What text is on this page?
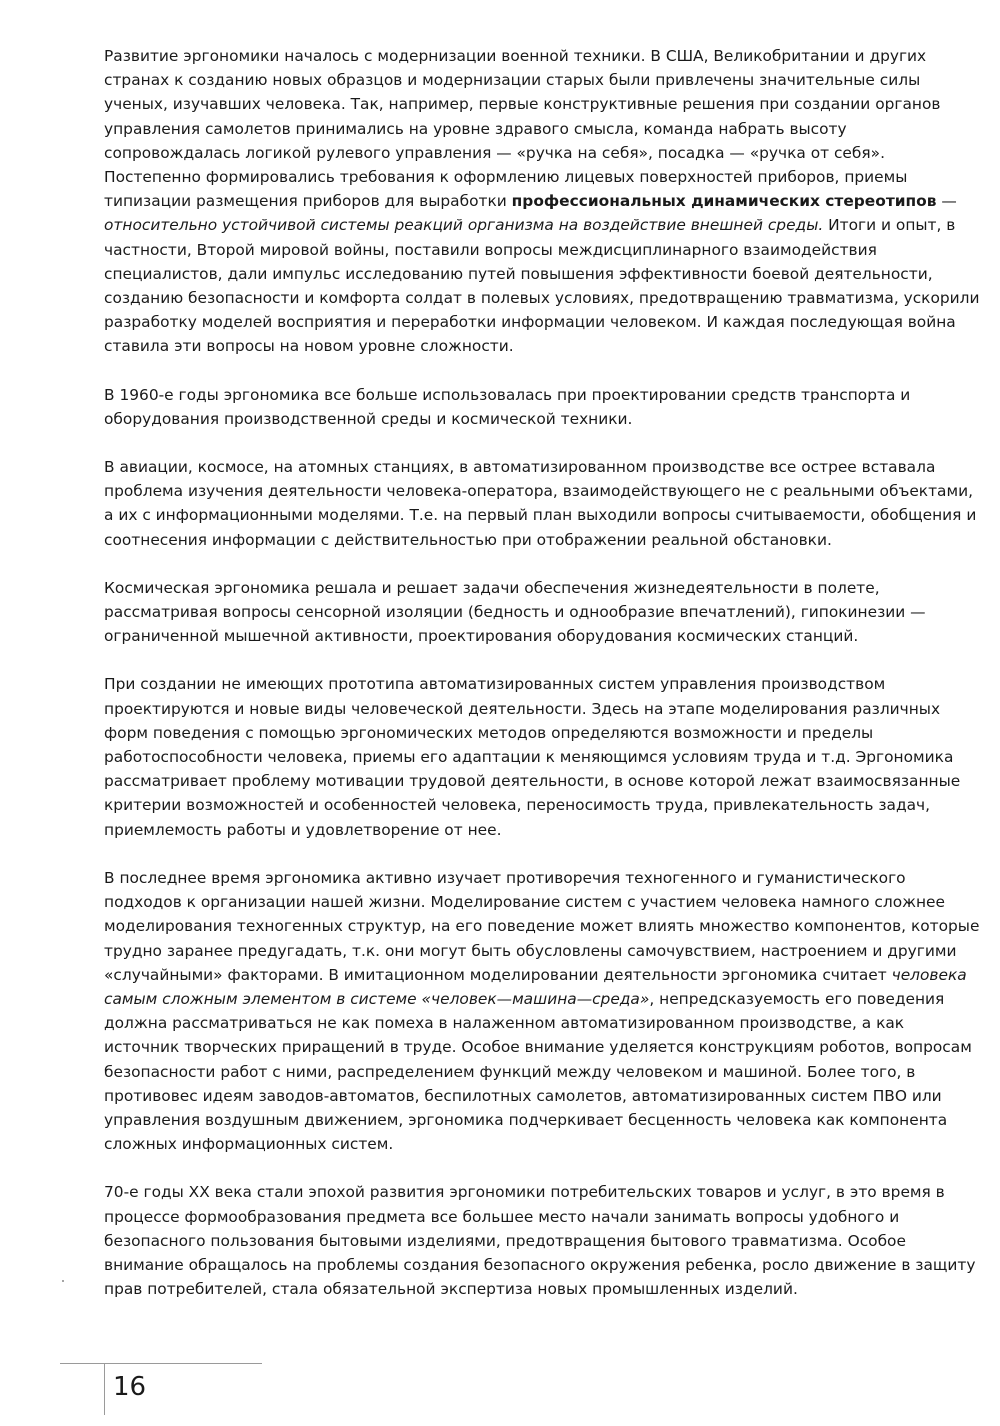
Развитие эргономики началось с модернизации военной техники. В США, Великобритании и других странах к созданию новых образцов и модернизации старых были привлечены значительные силы ученых, изучавших человека. Так, например, первые конструктивные решения при создании органов управления самолетов принимались на уровне здравого смысла, команда набрать высоту сопровождалась логикой рулевого управления — «ручка на себя», посадка — «ручка от себя». Постепенно формировались требования к оформлению лицевых поверхностей приборов, приемы типизации размещения приборов для выработки профессиональных динамических стереотипов — относительно устойчивой системы реакций организма на воздействие внешней среды. Итоги и опыт, в частности, Второй мировой войны, поставили вопросы междисциплинарного взаимодействия специалистов, дали импульс исследованию путей повышения эффективности боевой деятельности, созданию безопасности и комфорта солдат в полевых условиях, предотвращению травматизма, ускорили разработку моделей восприятия и переработки информации человеком. И каждая последующая война ставила эти вопросы на новом уровне сложности.

В 1960-е годы эргономика все больше использовалась при проектировании средств транспорта и оборудования производственной среды и космической техники.

В авиации, космосе, на атомных станциях, в автоматизированном производстве все острее вставала проблема изучения деятельности человека-оператора, взаимодействующего не с реальными объектами, а их с информационными моделями. Т.е. на первый план выходили вопросы считываемости, обобщения и соотнесения информации с действительностью при отображении реальной обстановки.

Космическая эргономика решала и решает задачи обеспечения жизнедеятельности в полете, рассматривая вопросы сенсорной изоляции (бедность и однообразие впечатлений), гипокинезии — ограниченной мышечной активности, проектирования оборудования космических станций.

При создании не имеющих прототипа автоматизированных систем управления производством проектируются и новые виды человеческой деятельности. Здесь на этапе моделирования различных форм поведения с помощью эргономических методов определяются возможности и пределы работоспособности человека, приемы его адаптации к меняющимся условиям труда и т.д. Эргономика рассматривает проблему мотивации трудовой деятельности, в основе которой лежат взаимосвязанные критерии возможностей и особенностей человека, переносимость труда, привлекательность задач, приемлемость работы и удовлетворение от нее.

В последнее время эргономика активно изучает противоречия техногенного и гуманистического подходов к организации нашей жизни. Моделирование систем с участием человека намного сложнее моделирования техногенных структур, на его поведение может влиять множество компонентов, которые трудно заранее предугадать, т.к. они могут быть обусловлены самочувствием, настроением и другими «случайными» факторами. В имитационном моделировании деятельности эргономика считает человека самым сложным элементом в системе «человек—машина—среда», непредсказуемость его поведения должна рассматриваться не как помеха в налаженном автоматизированном производстве, а как источник творческих приращений в труде. Особое внимание уделяется конструкциям роботов, вопросам безопасности работ с ними, распределением функций между человеком и машиной. Более того, в противовес идеям заводов-автоматов, беспилотных самолетов, автоматизированных систем ПВО или управления воздушным движением, эргономика подчеркивает бесценность человека как компонента сложных информационных систем.

70-е годы XX века стали эпохой развития эргономики потребительских товаров и услуг, в это время в процессе формообразования предмета все большее место начали занимать вопросы удобного и безопасного пользования бытовыми изделиями, предотвращения бытового травматизма. Особое внимание обращалось на проблемы создания безопасного окружения ребенка, росло движение в защиту прав потребителей, стала обязательной экспертиза новых промышленных изделий.

16
